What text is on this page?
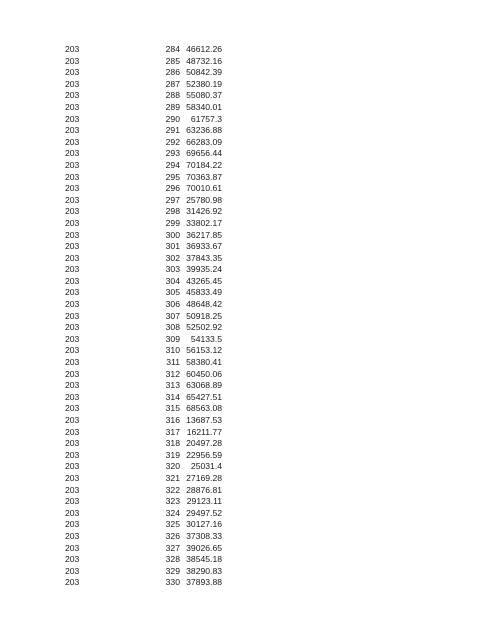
203	284 46612.26
203	285 48732.16
203	286 50842.39
203	287 52380.19
203	288 55080.37
203	289 58340.01
203	290	61757.3
203	291 63236.88
203	292 66283.09
203	293 69656.44
203	294 70184.22
203	295 70363.87
203	296 70010.61
203	297 25780.98
203	298 31426.92
203	299 33802.17
203	300 36217.85
203	301 36933.67
203	302 37843.35
203	303 39935.24
203	304 43265.45
203	305 45833.49
203	306 48648.42
203	307 50918.25
203	308 52502.92
203	309	54133.5
203	310 56153.12
203	311 58380.41
203	312 60450.06
203	313 63068.89
203	314 65427.51
203	315 68563.08
203	316 13687.53
203	317 16211.77
203	318 20497.28
203	319 22956.59
203	320	25031.4
203	321 27169.28
203	322 28876.81
203	323 29123.11
203	324 29497.52
203	325 30127.16
203	326 37308.33
203	327 39026.65
203	328 38545.18
203	329 38290.83
203	330 37893.88
